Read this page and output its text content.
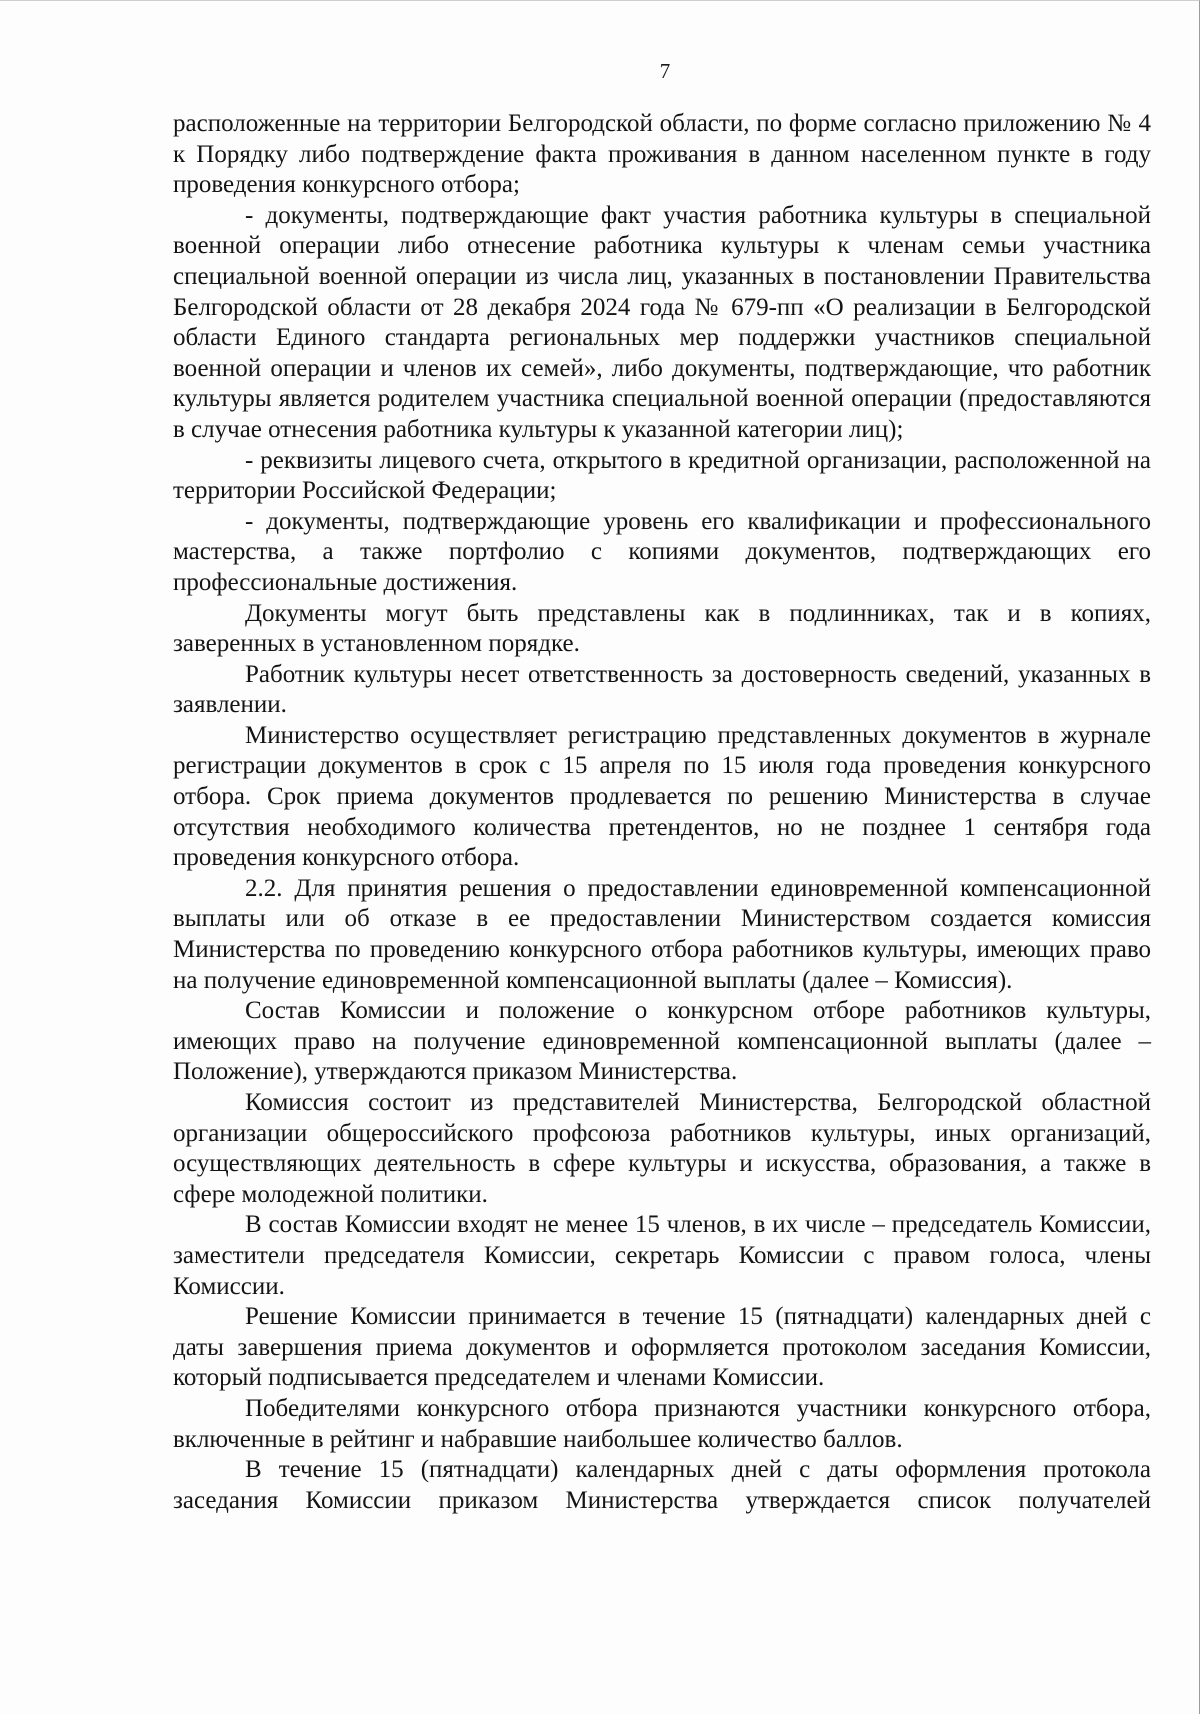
7

расположенные на территории Белгородской области, по форме согласно приложению № 4 к Порядку либо подтверждение факта проживания в данном населенном пункте в году проведения конкурсного отбора;

- документы, подтверждающие факт участия работника культуры в специальной военной операции либо отнесение работника культуры к членам семьи участника специальной военной операции из числа лиц, указанных в постановлении Правительства Белгородской области от 28 декабря 2024 года № 679-пп «О реализации в Белгородской области Единого стандарта региональных мер поддержки участников специальной военной операции и членов их семей», либо документы, подтверждающие, что работник культуры является родителем участника специальной военной операции (предоставляются в случае отнесения работника культуры к указанной категории лиц);

- реквизиты лицевого счета, открытого в кредитной организации, расположенной на территории Российской Федерации;

- документы, подтверждающие уровень его квалификации и профессионального мастерства, а также портфолио с копиями документов, подтверждающих его профессиональные достижения.

Документы могут быть представлены как в подлинниках, так и в копиях, заверенных в установленном порядке.

Работник культуры несет ответственность за достоверность сведений, указанных в заявлении.

Министерство осуществляет регистрацию представленных документов в журнале регистрации документов в срок с 15 апреля по 15 июля года проведения конкурсного отбора. Срок приема документов продлевается по решению Министерства в случае отсутствия необходимого количества претендентов, но не позднее 1 сентября года проведения конкурсного отбора.

2.2. Для принятия решения о предоставлении единовременной компенсационной выплаты или об отказе в ее предоставлении Министерством создается комиссия Министерства по проведению конкурсного отбора работников культуры, имеющих право на получение единовременной компенсационной выплаты (далее – Комиссия).

Состав Комиссии и положение о конкурсном отборе работников культуры, имеющих право на получение единовременной компенсационной выплаты (далее – Положение), утверждаются приказом Министерства.

Комиссия состоит из представителей Министерства, Белгородской областной организации общероссийского профсоюза работников культуры, иных организаций, осуществляющих деятельность в сфере культуры и искусства, образования, а также в сфере молодежной политики.

В состав Комиссии входят не менее 15 членов, в их числе – председатель Комиссии, заместители председателя Комиссии, секретарь Комиссии с правом голоса, члены Комиссии.

Решение Комиссии принимается в течение 15 (пятнадцати) календарных дней с даты завершения приема документов и оформляется протоколом заседания Комиссии, который подписывается председателем и членами Комиссии.

Победителями конкурсного отбора признаются участники конкурсного отбора, включенные в рейтинг и набравшие наибольшее количество баллов.

В течение 15 (пятнадцати) календарных дней с даты оформления протокола заседания Комиссии приказом Министерства утверждается список получателей
